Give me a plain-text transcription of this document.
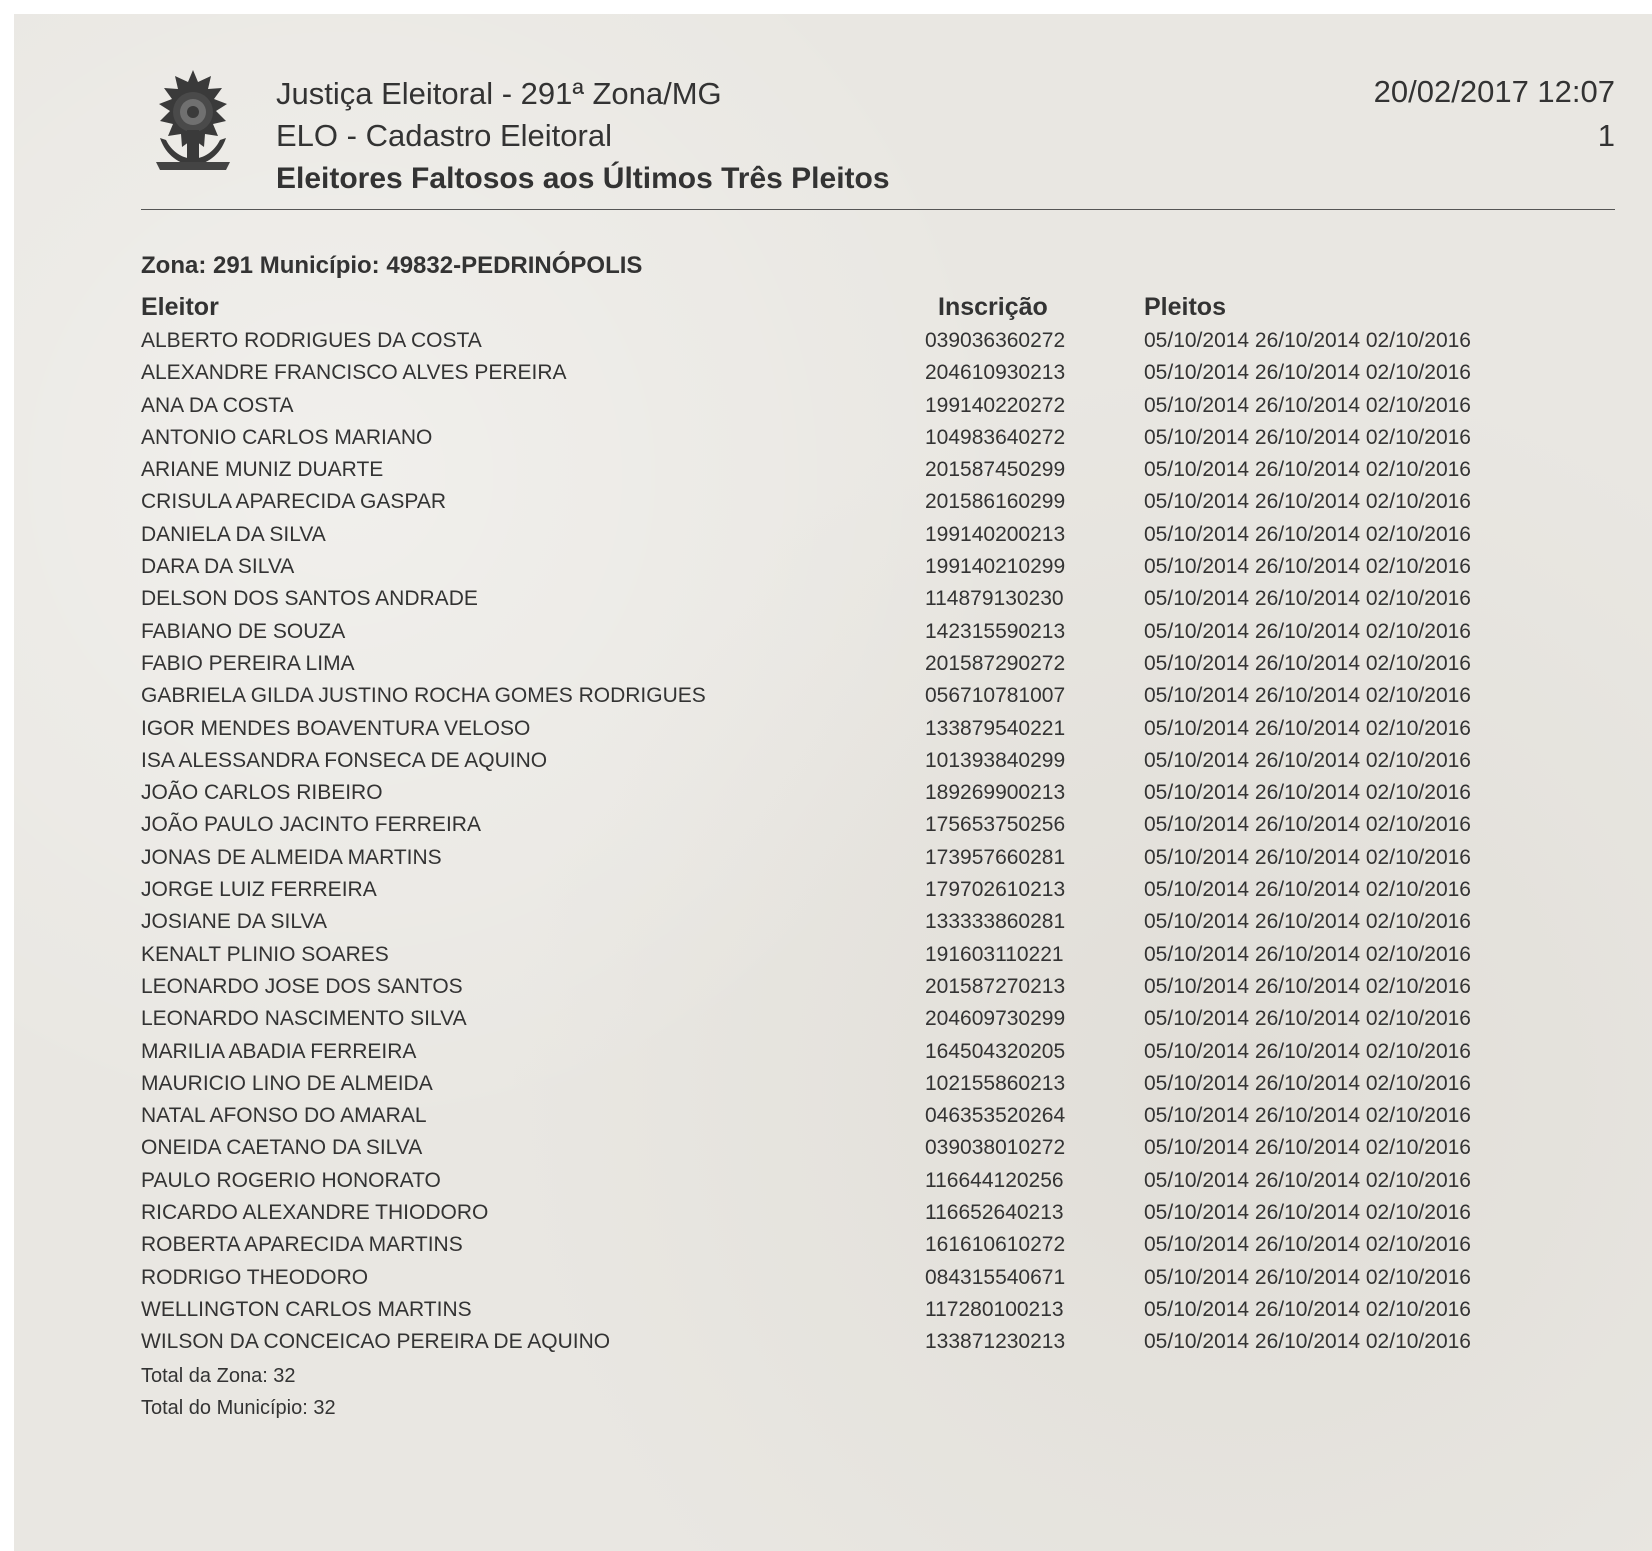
Justiça Eleitoral - 291ª Zona/MG
ELO - Cadastro Eleitoral
Eleitores Faltosos aos Últimos Três Pleitos
20/02/2017 12:07
1
Zona: 291 Município: 49832-PEDRINÓPOLIS
Eleitor	Inscrição	Pleitos
ALBERTO RODRIGUES DA COSTA	039036360272	05/10/2014 26/10/2014 02/10/2016
ALEXANDRE FRANCISCO ALVES PEREIRA	204610930213	05/10/2014 26/10/2014 02/10/2016
ANA DA COSTA	199140220272	05/10/2014 26/10/2014 02/10/2016
ANTONIO CARLOS MARIANO	104983640272	05/10/2014 26/10/2014 02/10/2016
ARIANE MUNIZ DUARTE	201587450299	05/10/2014 26/10/2014 02/10/2016
CRISULA APARECIDA GASPAR	201586160299	05/10/2014 26/10/2014 02/10/2016
DANIELA DA SILVA	199140200213	05/10/2014 26/10/2014 02/10/2016
DARA DA SILVA	199140210299	05/10/2014 26/10/2014 02/10/2016
DELSON DOS SANTOS ANDRADE	114879130230	05/10/2014 26/10/2014 02/10/2016
FABIANO DE SOUZA	142315590213	05/10/2014 26/10/2014 02/10/2016
FABIO PEREIRA LIMA	201587290272	05/10/2014 26/10/2014 02/10/2016
GABRIELA GILDA JUSTINO ROCHA GOMES RODRIGUES	056710781007	05/10/2014 26/10/2014 02/10/2016
IGOR MENDES BOAVENTURA VELOSO	133879540221	05/10/2014 26/10/2014 02/10/2016
ISA ALESSANDRA FONSECA DE AQUINO	101393840299	05/10/2014 26/10/2014 02/10/2016
JOÃO CARLOS RIBEIRO	189269900213	05/10/2014 26/10/2014 02/10/2016
JOÃO PAULO JACINTO FERREIRA	175653750256	05/10/2014 26/10/2014 02/10/2016
JONAS DE ALMEIDA MARTINS	173957660281	05/10/2014 26/10/2014 02/10/2016
JORGE LUIZ FERREIRA	179702610213	05/10/2014 26/10/2014 02/10/2016
JOSIANE DA SILVA	133333860281	05/10/2014 26/10/2014 02/10/2016
KENALT PLINIO SOARES	191603110221	05/10/2014 26/10/2014 02/10/2016
LEONARDO JOSE DOS SANTOS	201587270213	05/10/2014 26/10/2014 02/10/2016
LEONARDO NASCIMENTO SILVA	204609730299	05/10/2014 26/10/2014 02/10/2016
MARILIA ABADIA FERREIRA	164504320205	05/10/2014 26/10/2014 02/10/2016
MAURICIO LINO DE ALMEIDA	102155860213	05/10/2014 26/10/2014 02/10/2016
NATAL AFONSO DO AMARAL	046353520264	05/10/2014 26/10/2014 02/10/2016
ONEIDA CAETANO DA SILVA	039038010272	05/10/2014 26/10/2014 02/10/2016
PAULO ROGERIO HONORATO	116644120256	05/10/2014 26/10/2014 02/10/2016
RICARDO ALEXANDRE THIODORO	116652640213	05/10/2014 26/10/2014 02/10/2016
ROBERTA APARECIDA MARTINS	161610610272	05/10/2014 26/10/2014 02/10/2016
RODRIGO THEODORO	084315540671	05/10/2014 26/10/2014 02/10/2016
WELLINGTON CARLOS MARTINS	117280100213	05/10/2014 26/10/2014 02/10/2016
WILSON DA CONCEICAO PEREIRA DE AQUINO	133871230213	05/10/2014 26/10/2014 02/10/2016
Total da Zona: 32
Total do Município: 32
